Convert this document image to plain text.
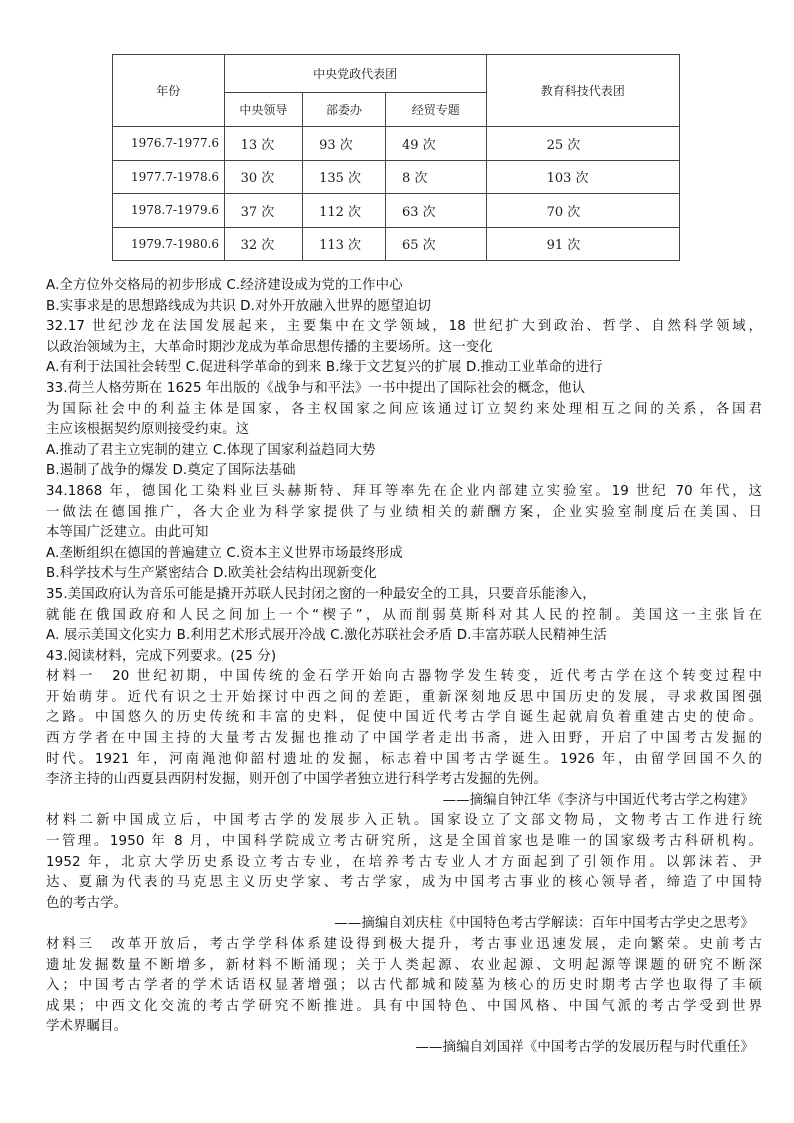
年份	中央党政代表团			教育科技代表团
	中央领导	部委办	经贸专题	
1976.7-1977.6	13 次	93 次	49 次	25 次
1977.7-1978.6	30 次	135 次	8 次	103 次
1978.7-1979.6	37 次	112 次	63 次	70 次
1979.7-1980.6	32 次	113 次	65 次	91 次
A.全方位外交格局的初步形成 C.经济建设成为党的工作中心
B.实事求是的思想路线成为共识 D.对外开放融入世界的愿望迫切
32.17 世纪沙龙在法国发展起来，主要集中在文学领域，18 世纪扩大到政治、哲学、自然科学领域，
以政治领域为主，大革命时期沙龙成为革命思想传播的主要场所。这一变化
A.有利于法国社会转型 C.促进科学革命的到来 B.缘于文艺复兴的扩展 D.推动工业革命的进行
33.荷兰人格劳斯在 1625 年出版的《战争与和平法》一书中提出了国际社会的概念，他认
为国际社会中的利益主体是国家，各主权国家之间应该通过订立契约来处理相互之间的关系，各国君
主应该根据契约原则接受约束。这
A.推动了君主立宪制的建立 C.体现了国家利益趋同大势
B.遏制了战争的爆发 D.奠定了国际法基础
34.1868 年，德国化工染料业巨头赫斯特、拜耳等率先在企业内部建立实验室。19 世纪 70 年代，这
一做法在德国推广，各大企业为科学家提供了与业绩相关的薪酬方案，企业实验室制度后在美国、日
本等国广泛建立。由此可知
A.垄断组织在德国的普遍建立 C.资本主义世界市场最终形成
B.科学技术与生产紧密结合 D.欧美社会结构出现新变化
35.美国政府认为音乐可能是撬开苏联人民封闭之窗的一种最安全的工具，只要音乐能渗入，
就能在俄国政府和人民之间加上一个“楔子”，从而削弱莫斯科对其人民的控制。美国这一主张旨在
A. 展示美国文化实力 B.利用艺术形式展开冷战 C.激化苏联社会矛盾 D.丰富苏联人民精神生活
43.阅读材料，完成下列要求。(25 分)
材料一　20 世纪初期，中国传统的金石学开始向古器物学发生转变，近代考古学在这个转变过程中
开始萌芽。近代有识之士开始探讨中西之间的差距，重新深刻地反思中国历史的发展，寻求救国图强
之路。中国悠久的历史传统和丰富的史料，促使中国近代考古学自诞生起就肩负着重建古史的使命。
西方学者在中国主持的大量考古发掘也推动了中国学者走出书斋，进入田野，开启了中国考古发掘的
时代。1921 年，河南渑池仰韶村遗址的发掘，标志着中国考古学诞生。1926 年，由留学回国不久的
李济主持的山西夏县西阴村发掘，则开创了中国学者独立进行科学考古发掘的先例。
——摘编自钟江华《李济与中国近代考古学之构建》
材料二新中国成立后，中国考古学的发展步入正轨。国家设立了文部文物局，文物考古工作进行统
一管理。1950 年 8 月，中国科学院成立考古研究所，这是全国首家也是唯一的国家级考古科研机构。
1952 年，北京大学历史系设立考古专业，在培养考古专业人才方面起到了引领作用。以郭沫若、尹
达、夏鼐为代表的马克思主义历史学家、考古学家，成为中国考古事业的核心领导者，缔造了中国特
色的考古学。
——摘编自刘庆柱《中国特色考古学解读：百年中国考古学史之思考》
材料三　改革开放后，考古学学科体系建设得到极大提升，考古事业迅速发展，走向繁荣。史前考古
遗址发掘数量不断增多，新材料不断涌现；关于人类起源、农业起源、文明起源等课题的研究不断深
入；中国考古学者的学术话语权显著增强；以古代都城和陵墓为核心的历史时期考古学也取得了丰硕
成果；中西文化交流的考古学研究不断推进。具有中国特色、中国风格、中国气派的考古学受到世界
学术界瞩目。
——摘编自刘国祥《中国考古学的发展历程与时代重任》
